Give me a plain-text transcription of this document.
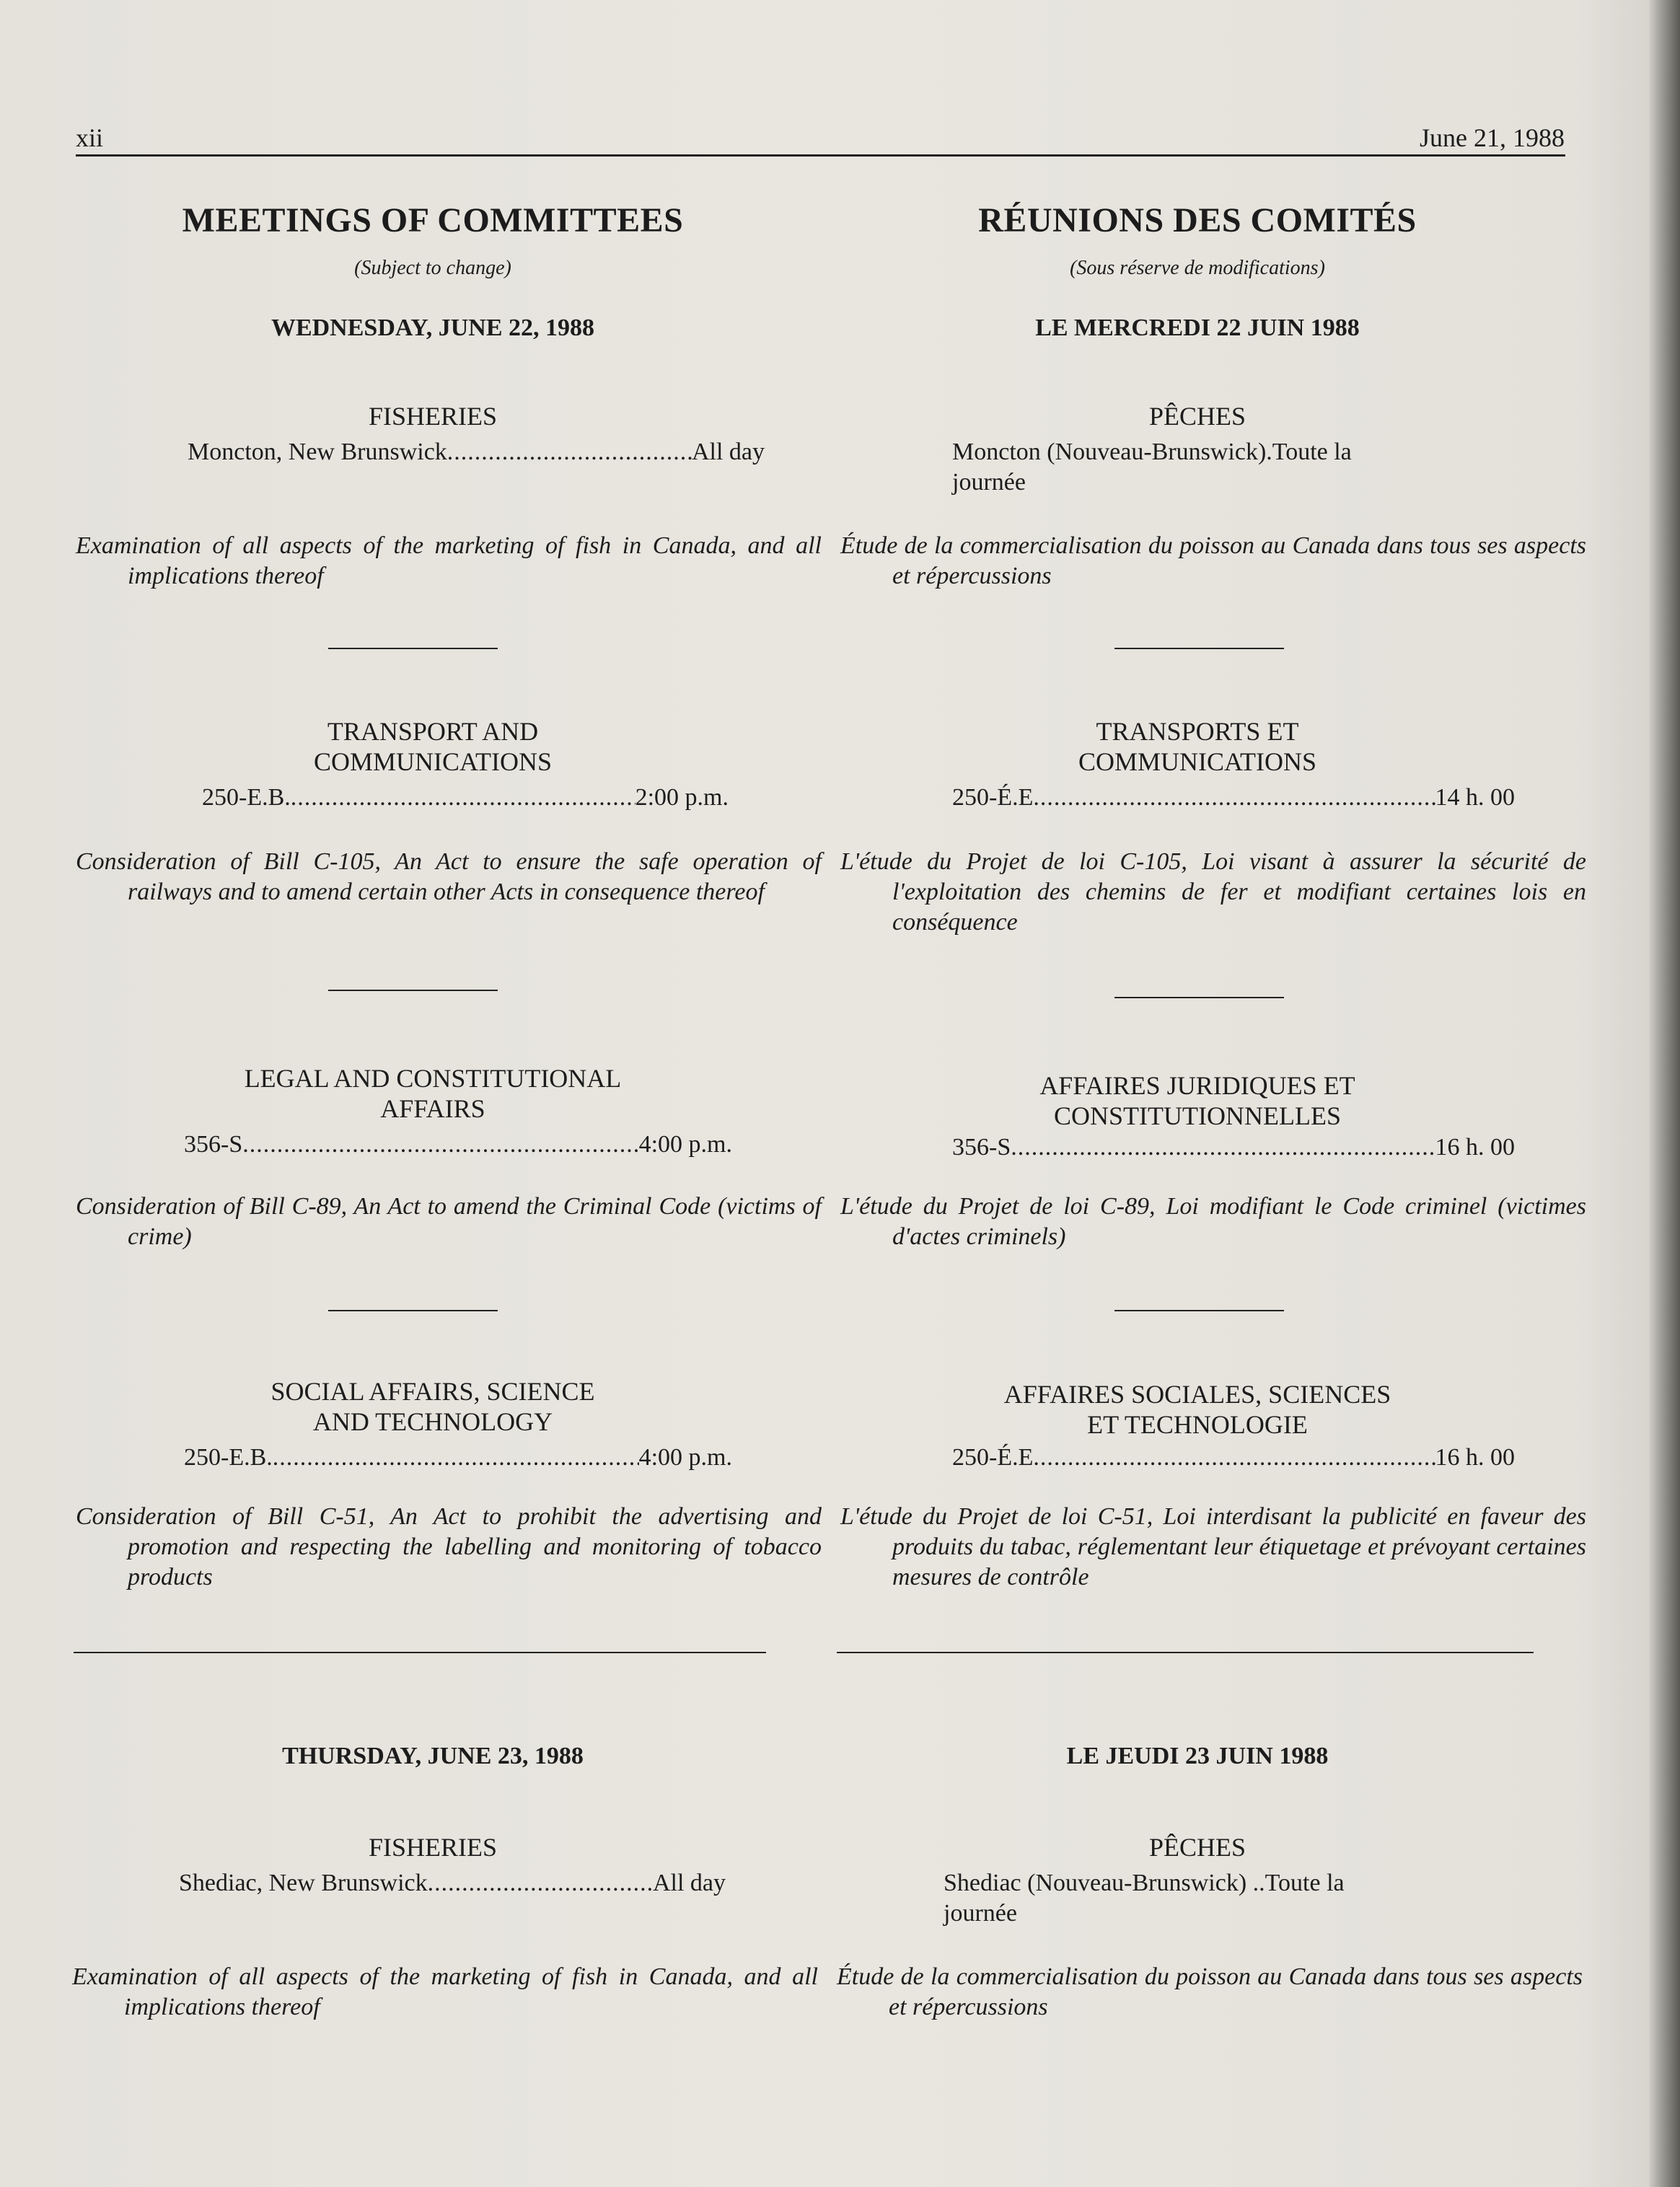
xii	June 21, 1988
MEETINGS OF COMMITTEES
(Subject to change)
WEDNESDAY, JUNE 22, 1988
FISHERIES
Moncton, New Brunswick .....	All day
Examination of all aspects of the marketing of fish in Canada, and all implications thereof
TRANSPORT AND
COMMUNICATIONS
250-E.B. .....	2:00 p.m.
Consideration of Bill C-105, An Act to ensure the safe operation of railways and to amend certain other Acts in consequence thereof
LEGAL AND CONSTITUTIONAL
AFFAIRS
356-S .....	4:00 p.m.
Consideration of Bill C-89, An Act to amend the Criminal Code (victims of crime)
SOCIAL AFFAIRS, SCIENCE
AND TECHNOLOGY
250-E.B. .....	4:00 p.m.
Consideration of Bill C-51, An Act to prohibit the advertising and promotion and respecting the labelling and monitoring of tobacco products
THURSDAY, JUNE 23, 1988
FISHERIES
Shediac, New Brunswick .....	All day
Examination of all aspects of the marketing of fish in Canada, and all implications thereof
RÉUNIONS DES COMITÉS
(Sous réserve de modifications)
LE MERCREDI 22 JUIN 1988
PÊCHES
Moncton (Nouveau-Brunswick).Toute la
journée
Étude de la commercialisation du poisson au Canada dans tous ses aspects et répercussions
TRANSPORTS ET
COMMUNICATIONS
250-É.E .....	14 h. 00
L'étude du Projet de loi C-105, Loi visant à assurer la sécurité de l'exploitation des chemins de fer et modifiant certaines lois en conséquence
AFFAIRES JURIDIQUES ET
CONSTITUTIONNELLES
356-S .....	16 h. 00
L'étude du Projet de loi C-89, Loi modifiant le Code criminel (victimes d'actes criminels)
AFFAIRES SOCIALES, SCIENCES
ET TECHNOLOGIE
250-É.E .....	16 h. 00
L'étude du Projet de loi C-51, Loi interdisant la publicité en faveur des produits du tabac, réglementant leur étiquetage et prévoyant certaines mesures de contrôle
LE JEUDI 23 JUIN 1988
PÊCHES
Shediac (Nouveau-Brunswick) ..Toute la
journée
Étude de la commercialisation du poisson au Canada dans tous ses aspects et répercussions
